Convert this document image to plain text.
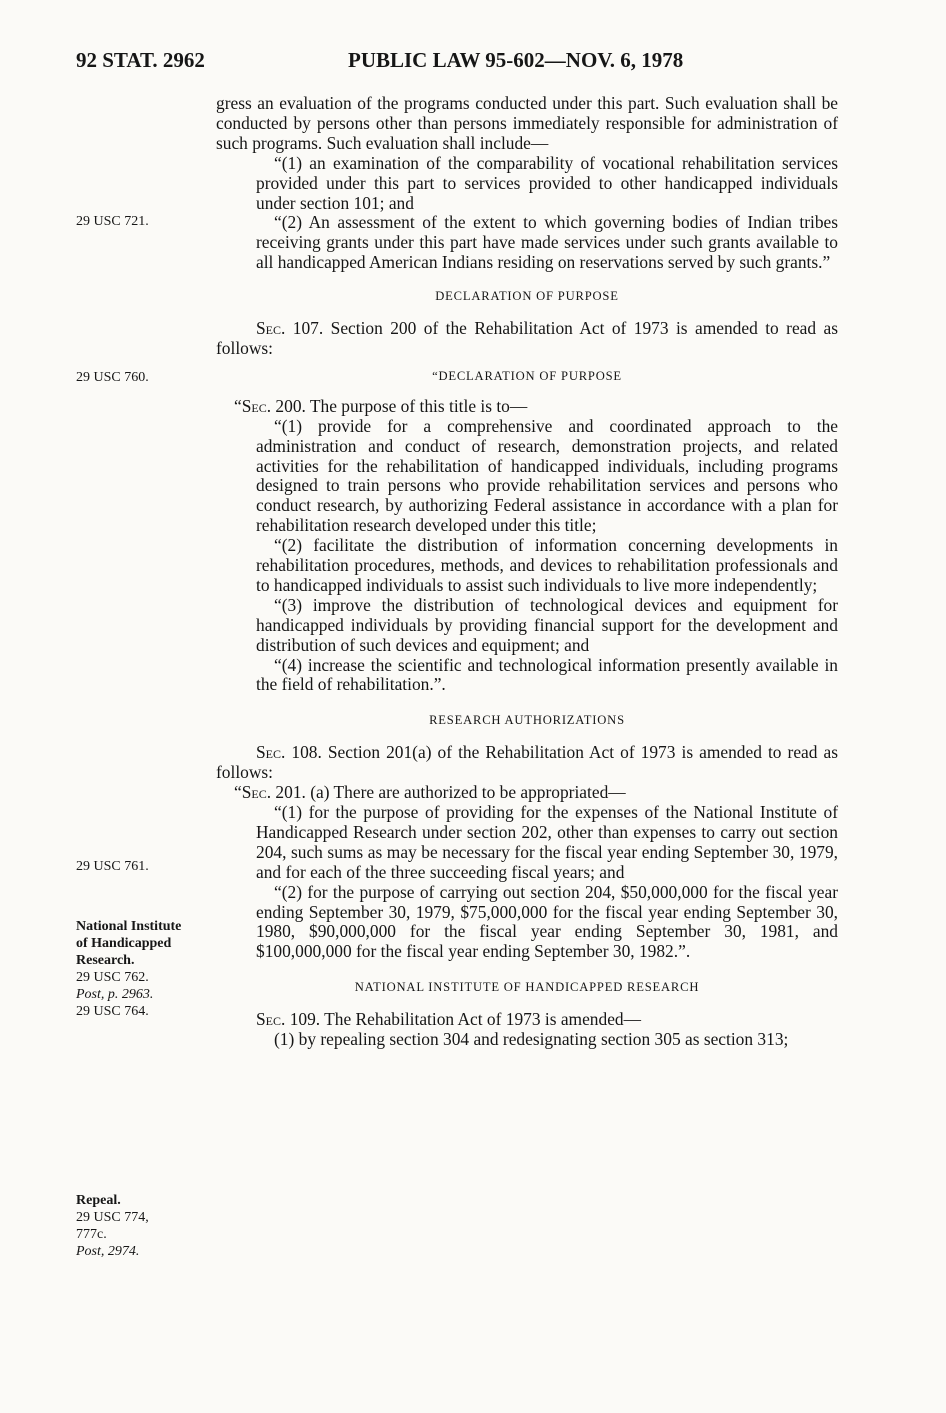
92 STAT. 2962	PUBLIC LAW 95-602—NOV. 6, 1978
29 USC 721.
29 USC 760.
29 USC 761.
National Institute
of Handicapped
Research.
29 USC 762.
Post, p. 2963.
29 USC 764.
Repeal.
29 USC 774,
777c.
Post, 2974.

gress an evaluation of the programs conducted under this part. Such evaluation shall be conducted by persons other than persons immediately responsible for administration of such programs. Such evaluation shall include—

“(1) an examination of the comparability of vocational rehabilitation services provided under this part to services provided to other handicapped individuals under section 101; and

“(2) An assessment of the extent to which governing bodies of Indian tribes receiving grants under this part have made services under such grants available to all handicapped American Indians residing on reservations served by such grants.”

DECLARATION OF PURPOSE

Sec. 107. Section 200 of the Rehabilitation Act of 1973 is amended to read as follows:

“DECLARATION OF PURPOSE

“Sec. 200. The purpose of this title is to—

“(1) provide for a comprehensive and coordinated approach to the administration and conduct of research, demonstration projects, and related activities for the rehabilitation of handicapped individuals, including programs designed to train persons who provide rehabilitation services and persons who conduct research, by authorizing Federal assistance in accordance with a plan for rehabilitation research developed under this title;

“(2) facilitate the distribution of information concerning developments in rehabilitation procedures, methods, and devices to rehabilitation professionals and to handicapped individuals to assist such individuals to live more independently;

“(3) improve the distribution of technological devices and equipment for handicapped individuals by providing financial support for the development and distribution of such devices and equipment; and

“(4) increase the scientific and technological information presently available in the field of rehabilitation.”.

RESEARCH AUTHORIZATIONS

Sec. 108. Section 201(a) of the Rehabilitation Act of 1973 is amended to read as follows:

“Sec. 201. (a) There are authorized to be appropriated—

“(1) for the purpose of providing for the expenses of the National Institute of Handicapped Research under section 202, other than expenses to carry out section 204, such sums as may be necessary for the fiscal year ending September 30, 1979, and for each of the three succeeding fiscal years; and

“(2) for the purpose of carrying out section 204, $50,000,000 for the fiscal year ending September 30, 1979, $75,000,000 for the fiscal year ending September 30, 1980, $90,000,000 for the fiscal year ending September 30, 1981, and $100,000,000 for the fiscal year ending September 30, 1982.”.

NATIONAL INSTITUTE OF HANDICAPPED RESEARCH

Sec. 109. The Rehabilitation Act of 1973 is amended—

(1) by repealing section 304 and redesignating section 305 as section 313;
